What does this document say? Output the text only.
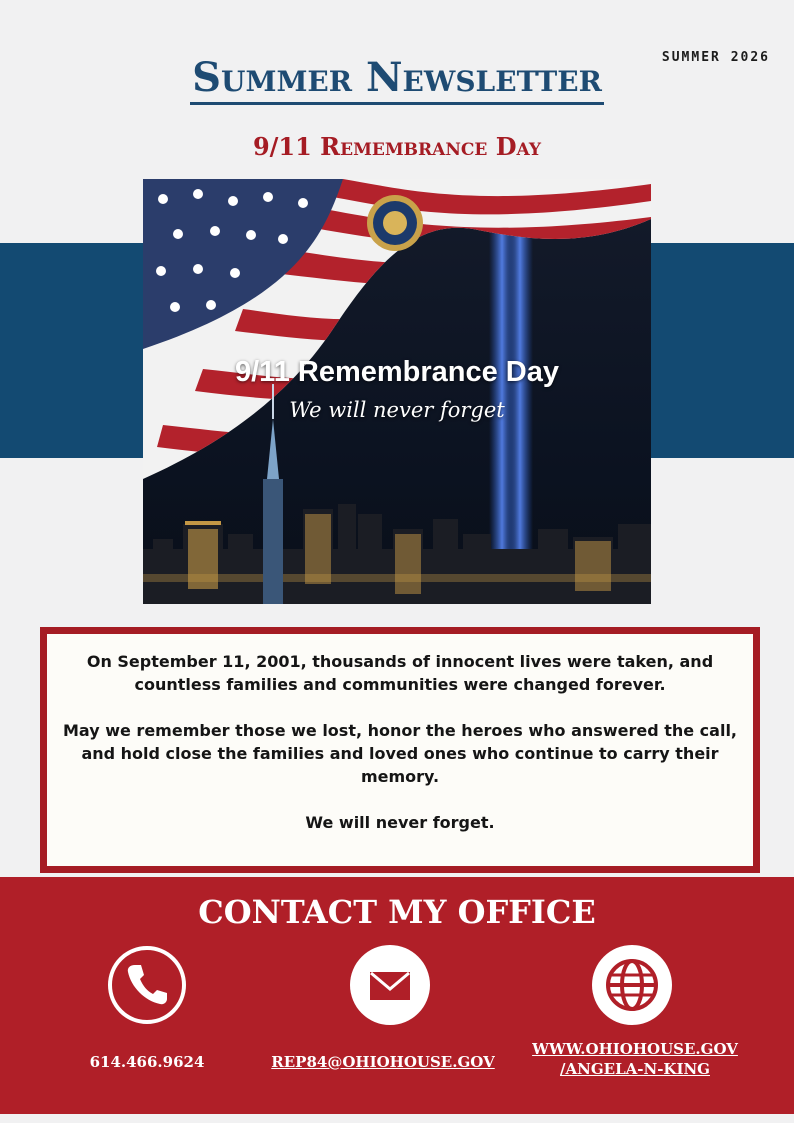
SUMMER 2026
Summer Newsletter
9/11 Remembrance Day
9/11 Remembrance Day
We will never forget

On September 11, 2001, thousands of innocent lives were taken, and countless families and communities were changed forever.

May we remember those we lost, honor the heroes who answered the call, and hold close the families and loved ones who continue to carry their memory.

We will never forget.

CONTACT MY OFFICE
614.466.9624	REP84@OHIOHOUSE.GOV
WWW.OHIOHOUSE.GOV
/ANGELA-N-KING
